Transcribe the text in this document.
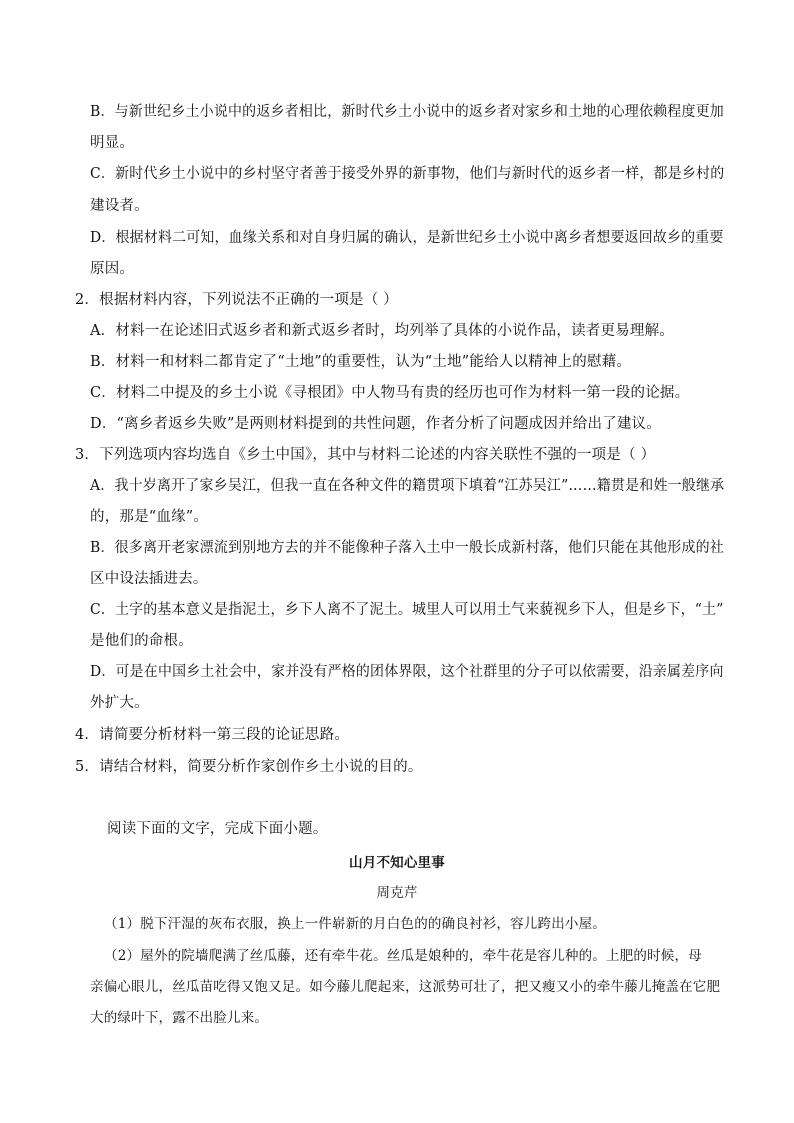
B．与新世纪乡土小说中的返乡者相比，新时代乡土小说中的返乡者对家乡和土地的心理依赖程度更加
明显。
C．新时代乡土小说中的乡村坚守者善于接受外界的新事物，他们与新时代的返乡者一样，都是乡村的
建设者。
D．根据材料二可知，血缘关系和对自身归属的确认，是新世纪乡土小说中离乡者想要返回故乡的重要
原因。
2．根据材料内容，下列说法不正确的一项是（ ）
A．材料一在论述旧式返乡者和新式返乡者时，均列举了具体的小说作品，读者更易理解。
B．材料一和材料二都肯定了“土地”的重要性，认为“土地”能给人以精神上的慰藉。
C．材料二中提及的乡土小说《寻根团》中人物马有贵的经历也可作为材料一第一段的论据。
D．“离乡者返乡失败”是两则材料提到的共性问题，作者分析了问题成因并给出了建议。
3．下列选项内容均选自《乡土中国》，其中与材料二论述的内容关联性不强的一项是（ ）
A．我十岁离开了家乡吴江，但我一直在各种文件的籍贯项下填着“江苏吴江”……籍贯是和姓一般继承
的，那是“血缘”。
B．很多离开老家漂流到别地方去的并不能像种子落入土中一般长成新村落，他们只能在其他形成的社
区中设法插进去。
C．土字的基本意义是指泥土，乡下人离不了泥土。城里人可以用土气来藐视乡下人，但是乡下，“土”
是他们的命根。
D．可是在中国乡土社会中，家并没有严格的团体界限，这个社群里的分子可以依需要，沿亲属差序向
外扩大。
4．请简要分析材料一第三段的论证思路。
5．请结合材料，简要分析作家创作乡土小说的目的。
阅读下面的文字，完成下面小题。
山月不知心里事
周克芹
（1）脱下汗湿的灰布衣服，换上一件崭新的月白色的的确良衬衫，容儿跨出小屋。
（2）屋外的院墙爬满了丝瓜藤，还有牵牛花。丝瓜是娘种的，牵牛花是容儿种的。上肥的时候，母
亲偏心眼儿，丝瓜苗吃得又饱又足。如今藤儿爬起来，这派势可壮了，把又瘦又小的牵牛藤儿掩盖在它肥
大的绿叶下，露不出脸儿来。
